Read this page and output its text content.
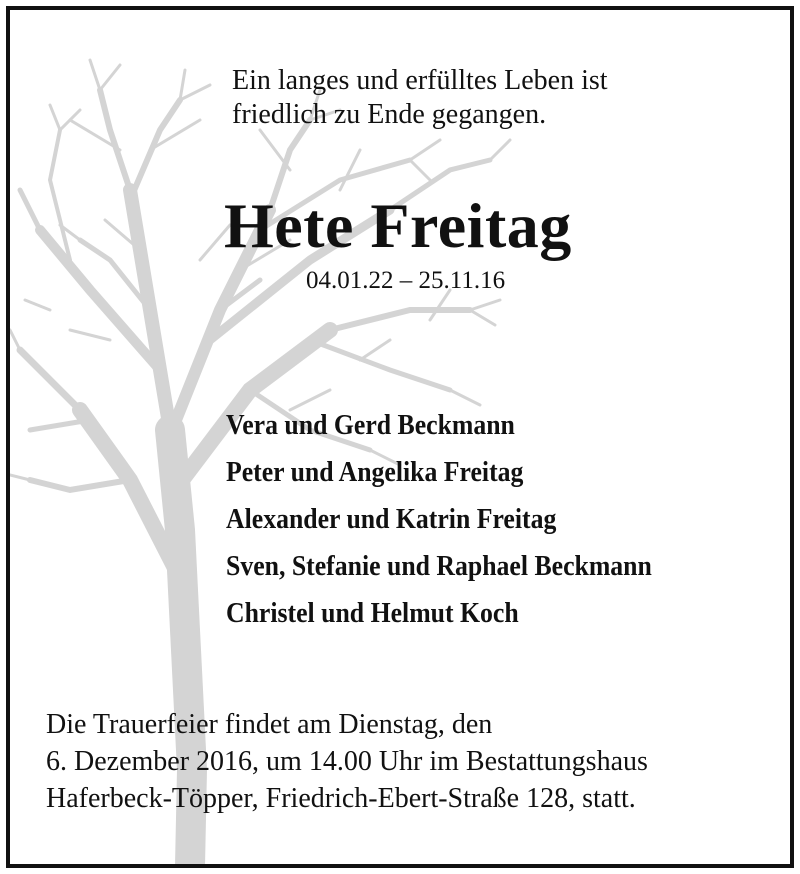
Ein langes und erfülltes Leben ist
friedlich zu Ende gegangen.
Hete Freitag
04.01.22 – 25.11.16
Vera und Gerd Beckmann
Peter und Angelika Freitag
Alexander und Katrin Freitag
Sven, Stefanie und Raphael Beckmann
Christel und Helmut Koch
Die Trauerfeier findet am Dienstag, den
6. Dezember 2016, um 14.00 Uhr im Bestattungshaus
Haferbeck-Töpper, Friedrich-Ebert-Straße 128, statt.
